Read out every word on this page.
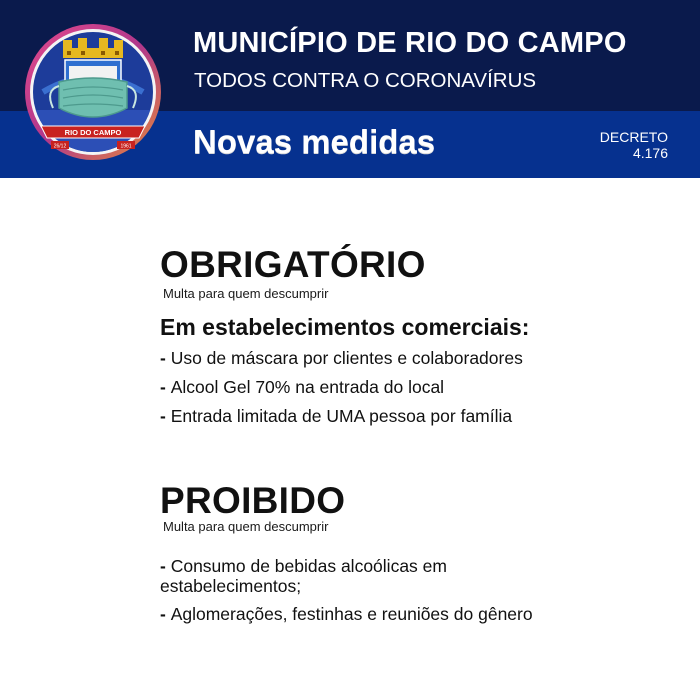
RIO DO CAMPO
26/12	1961
MUNICÍPIO DE RIO DO CAMPO
TODOS CONTRA O CORONAVÍRUS
Novas medidas	DECRETO
4.176
OBRIGATÓRIO
Multa para quem descumprir
Em estabelecimentos comerciais:
- Uso de máscara por clientes e colaboradores
- Alcool Gel 70% na entrada do local
- Entrada limitada de UMA pessoa por família
PROIBIDO
Multa para quem descumprir
- Consumo de bebidas alcoólicas em estabelecimentos;
- Aglomerações, festinhas e reuniões do gênero
